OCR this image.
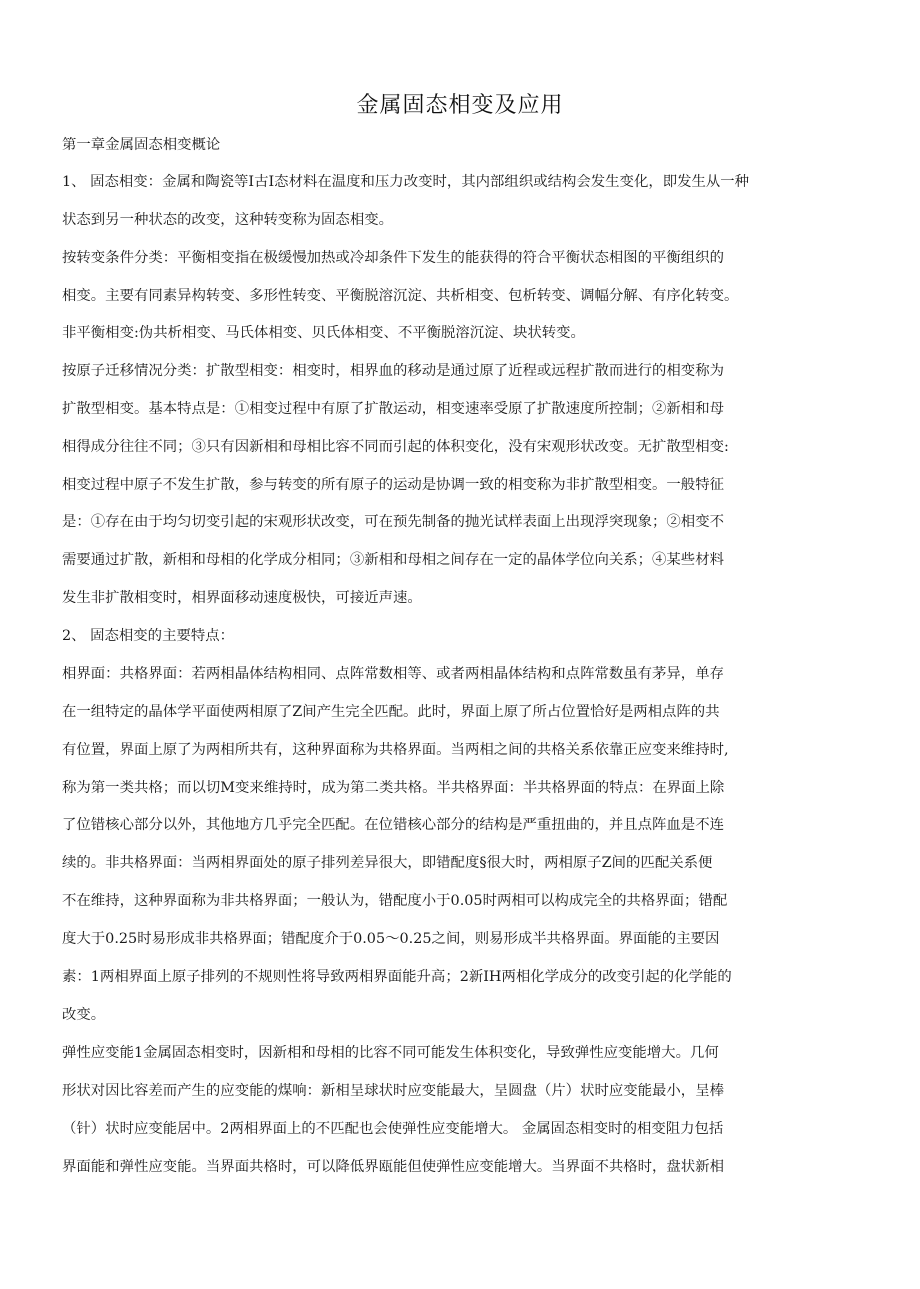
金属固态相变及应用
第一章金属固态相变概论
1、 固态相变：金属和陶瓷等I古I态材料在温度和压力改变时，其内部组织或结构会发生变化，即发生从一种
状态到另一种状态的改变，这种转变称为固态相变。
按转变条件分类：平衡相变指在极缓慢加热或冷却条件下发生的能获得的符合平衡状态相图的平衡组织的
相变。主要有同素异构转变、多形性转变、平衡脱溶沉淀、共析相变、包析转变、调幅分解、有序化转变。
非平衡相变:伪共析相变、马氏体相变、贝氏体相变、不平衡脱溶沉淀、块状转变。
按原子迁移情况分类：扩散型相变：相变时，相界血的移动是通过原了近程或远程扩散而进行的相变称为
扩散型相变。基本特点是：①相变过程中有原了扩散运动，相变速率受原了扩散速度所控制；②新相和母
相得成分往往不同；③只有因新相和母相比容不同而引起的体积变化，没有宋观形状改变。无扩散型相变:
相变过程中原子不发生扩散，参与转变的所有原子的运动是协调一致的相变称为非扩散型相变。一般特征
是：①存在由于均匀切变引起的宋观形状改变，可在预先制备的抛光试样表面上出现浮突现象；②相变不
需要通过扩散，新相和母相的化学成分相同；③新相和母相之间存在一定的晶体学位向关系；④某些材料
发生非扩散相变时，相界面移动速度极快，可接近声速。
2、 固态相变的主要特点：
相界面：共格界面：若两相晶体结构相同、点阵常数相等、或者两相晶体结构和点阵常数虽有茅异，单存
在一组特定的晶体学平面使两相原了Z间产生完全匹配。此时，界面上原了所占位置恰好是两相点阵的共
有位置，界面上原了为两相所共有，这种界面称为共格界面。当两相之间的共格关系依靠正应变来维持时,
称为第一类共格；而以切M变来维持时，成为第二类共格。半共格界面：半共格界面的特点：在界面上除
了位错核心部分以外，其他地方几乎完全匹配。在位错核心部分的结构是严重扭曲的，并且点阵血是不连
续的。非共格界面：当两相界面处的原子排列差异很大，即错配度§很大时，两相原子Z间的匹配关系便
不在维持，这种界面称为非共格界面；一般认为，错配度小于0.05时两相可以构成完全的共格界面；错配
度大于0.25时易形成非共格界面；错配度介于0.05～0.25之间，则易形成半共格界面。界面能的主要因
素：1两相界面上原子排列的不规则性将导致两相界面能升高；2新IH两相化学成分的改变引起的化学能的
改变。
弹性应变能1金属固态相变时，因新相和母相的比容不同可能发生体积变化，导致弹性应变能增大。几何
形状对因比容差而产生的应变能的煤响：新相呈球状时应变能最大，呈圆盘（片）状时应变能最小，呈棒
（针）状时应变能居中。2两相界面上的不匹配也会使弹性应变能增大。 金属固态相变时的相变阻力包括
界面能和弹性应变能。当界面共格时，可以降低界瓯能但使弹性应变能增大。当界面不共格时，盘状新相
